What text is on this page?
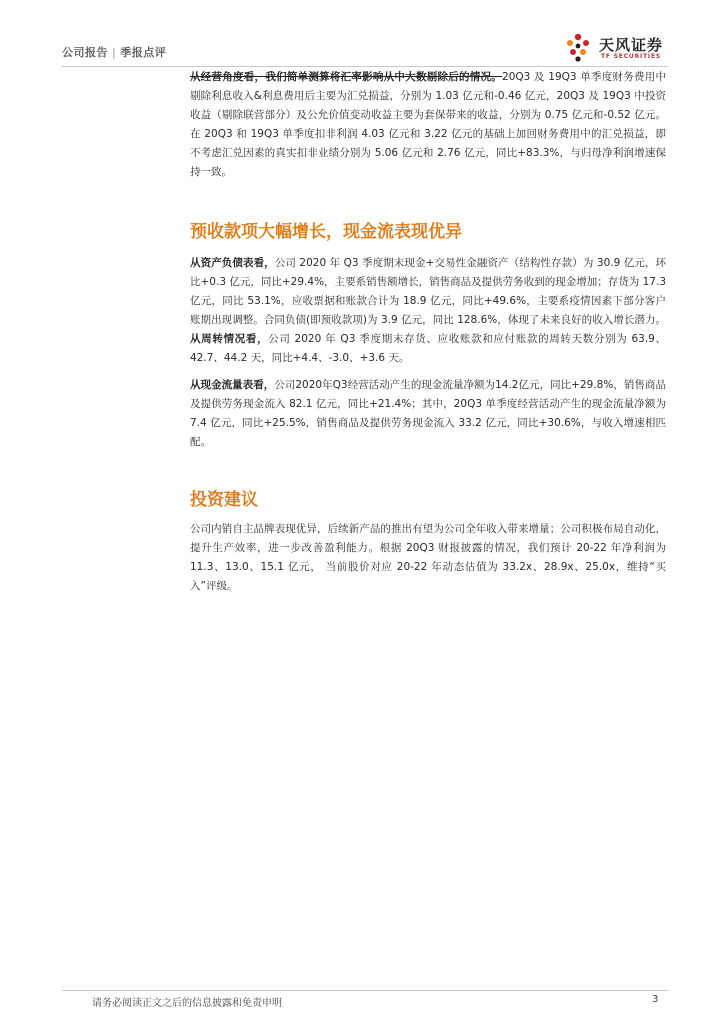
公司报告 | 季报点评	天风证券
TF SECURITIES

从经营角度看，我们简单测算将汇率影响从中大数剔除后的情况。20Q3 及 19Q3 单季度财务费用中剔除利息收入&利息费用后主要为汇兑损益，分别为 1.03 亿元和-0.46 亿元，20Q3 及 19Q3 中投资收益（剔除联营部分）及公允价值变动收益主要为套保带来的收益，分别为 0.75 亿元和-0.52 亿元。在 20Q3 和 19Q3 单季度扣非利润 4.03 亿元和 3.22 亿元的基础上加回财务费用中的汇兑损益，即不考虑汇兑因素的真实扣非业绩分别为 5.06 亿元和 2.76 亿元，同比+83.3%，与归母净利润增速保持一致。

预收款项大幅增长，现金流表现优异

从资产负债表看，公司 2020 年 Q3 季度期末现金+交易性金融资产（结构性存款）为 30.9 亿元，环比+0.3 亿元，同比+29.4%，主要系销售额增长，销售商品及提供劳务收到的现金增加；存货为 17.3 亿元，同比 53.1%，应收票据和账款合计为 18.9 亿元，同比+49.6%，主要系疫情因素下部分客户账期出现调整。合同负债(即预收款项)为 3.9 亿元，同比 128.6%，体现了未来良好的收入增长潜力。从周转情况看，公司 2020 年 Q3 季度期末存货、应收账款和应付账款的周转天数分别为 63.9、42.7、44.2 天，同比+4.4、-3.0、+3.6 天。

从现金流量表看，公司2020年Q3经营活动产生的现金流量净额为14.2亿元，同比+29.8%，销售商品及提供劳务现金流入 82.1 亿元，同比+21.4%；其中，20Q3 单季度经营活动产生的现金流量净额为 7.4 亿元，同比+25.5%，销售商品及提供劳务现金流入 33.2 亿元，同比+30.6%，与收入增速相匹配。

投资建议

公司内销自主品牌表现优异，后续新产品的推出有望为公司全年收入带来增量；公司积极布局自动化，提升生产效率，进一步改善盈利能力。根据 20Q3 财报披露的情况，我们预计 20-22 年净利润为 11.3、13.0、15.1 亿元， 当前股价对应 20-22 年动态估值为 33.2x、28.9x、25.0x，维持“买入”评级。

请务必阅读正文之后的信息披露和免责申明	3
